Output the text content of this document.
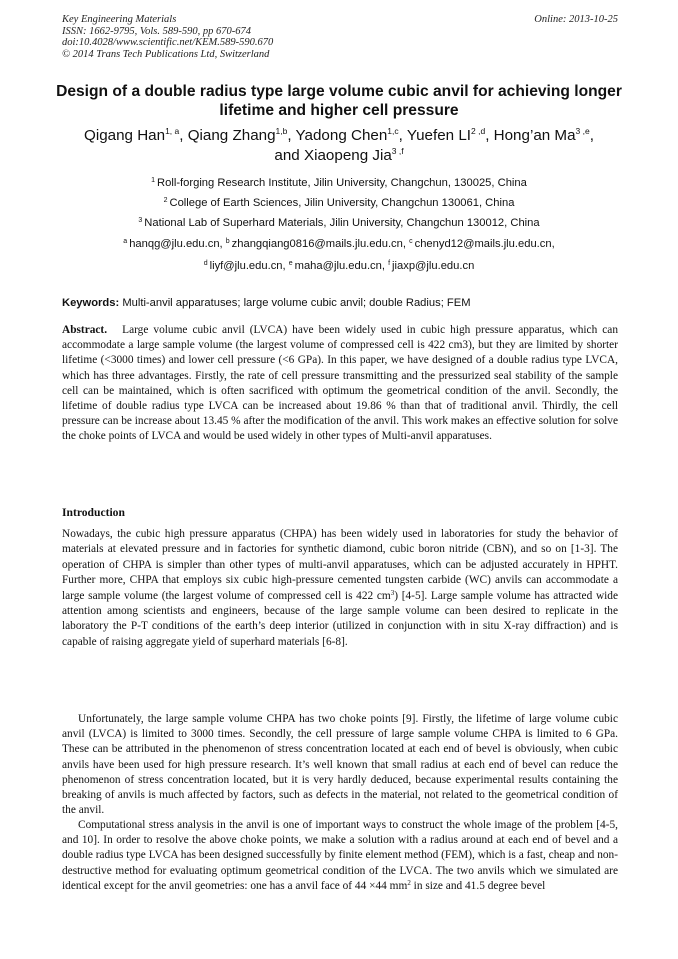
Key Engineering Materials
ISSN: 1662-9795, Vols. 589-590, pp 670-674
doi:10.4028/www.scientific.net/KEM.589-590.670
© 2014 Trans Tech Publications Ltd, Switzerland
Online: 2013-10-25
Design of a double radius type large volume cubic anvil for achieving longer lifetime and higher cell pressure
Qigang Han$^{1, a}$, Qiang Zhang$^{1,b}$, Yadong Chen$^{1,c}$, Yuefen LI$^{2 ,d}$, Hong’an Ma$^{3 ,e}$,
and Xiaopeng Jia$^{3 ,f}$
$^1$ Roll-forging Research Institute, Jilin University, Changchun, 130025, China
$^2$ College of Earth Sciences, Jilin University, Changchun 130061, China
$^3$ National Lab of Superhard Materials, Jilin University, Changchun 130012, China
$^a$ hanqg@jlu.edu.cn, $^b$ zhangqiang0816@mails.jlu.edu.cn, $^c$ chenyd12@mails.jlu.edu.cn,
$^d$ liyf@jlu.edu.cn, $^e$ maha@jlu.edu.cn, $^f$ jiaxp@jlu.edu.cn
Keywords: Multi-anvil apparatuses; large volume cubic anvil; double Radius; FEM

Abstract. Large volume cubic anvil (LVCA) have been widely used in cubic high pressure apparatus, which can accommodate a large sample volume (the largest volume of compressed cell is 422 cm3), but they are limited by shorter lifetime (<3000 times) and lower cell pressure (<6 GPa). In this paper, we have designed of a double radius type LVCA, which has three advantages. Firstly, the rate of cell pressure transmitting and the pressurized seal stability of the sample cell can be maintained, which is often sacrificed with optimum the geometrical condition of the anvil. Secondly, the lifetime of double radius type LVCA can be increased about 19.86 % than that of traditional anvil. Thirdly, the cell pressure can be increase about 13.45 % after the modification of the anvil. This work makes an effective solution for solve the choke points of LVCA and would be used widely in other types of Multi-anvil apparatuses.

Introduction

Nowadays, the cubic high pressure apparatus (CHPA) has been widely used in laboratories for study the behavior of materials at elevated pressure and in factories for synthetic diamond, cubic boron nitride (CBN), and so on [1-3]. The operation of CHPA is simpler than other types of multi-anvil apparatuses, which can be adjusted accurately in HPHT. Further more, CHPA that employs six cubic high-pressure cemented tungsten carbide (WC) anvils can accommodate a large sample volume (the largest volume of compressed cell is 422 $cm^3$) [4-5]. Large sample volume has attracted wide attention among scientists and engineers, because of the large sample volume can been desired to replicate in the laboratory the P-T conditions of the earth’s deep interior (utilized in conjunction with in situ X-ray diffraction) and is capable of raising aggregate yield of superhard materials [6-8].

Unfortunately, the large sample volume CHPA has two choke points [9]. Firstly, the lifetime of large volume cubic anvil (LVCA) is limited to 3000 times. Secondly, the cell pressure of large sample volume CHPA is limited to 6 GPa. These can be attributed in the phenomenon of stress concentration located at each end of bevel is obviously, when cubic anvils have been used for high pressure research. It’s well known that small radius at each end of bevel can reduce the phenomenon of stress concentration located, but it is very hardly deduced, because experimental results containing the breaking of anvils is much affected by factors, such as defects in the material, not related to the geometrical condition of the anvil.

Computational stress analysis in the anvil is one of important ways to construct the whole image of the problem [4-5, and 10]. In order to resolve the above choke points, we make a solution with a radius around at each end of bevel and a double radius type LVCA has been designed successfully by finite element method (FEM), which is a fast, cheap and non-destructive method for evaluating optimum geometrical condition of the LVCA. The two anvils which we simulated are identical except for the anvil geometries: one has a anvil face of 44 ×44 $mm^2$ in size and 41.5 degree bevel
